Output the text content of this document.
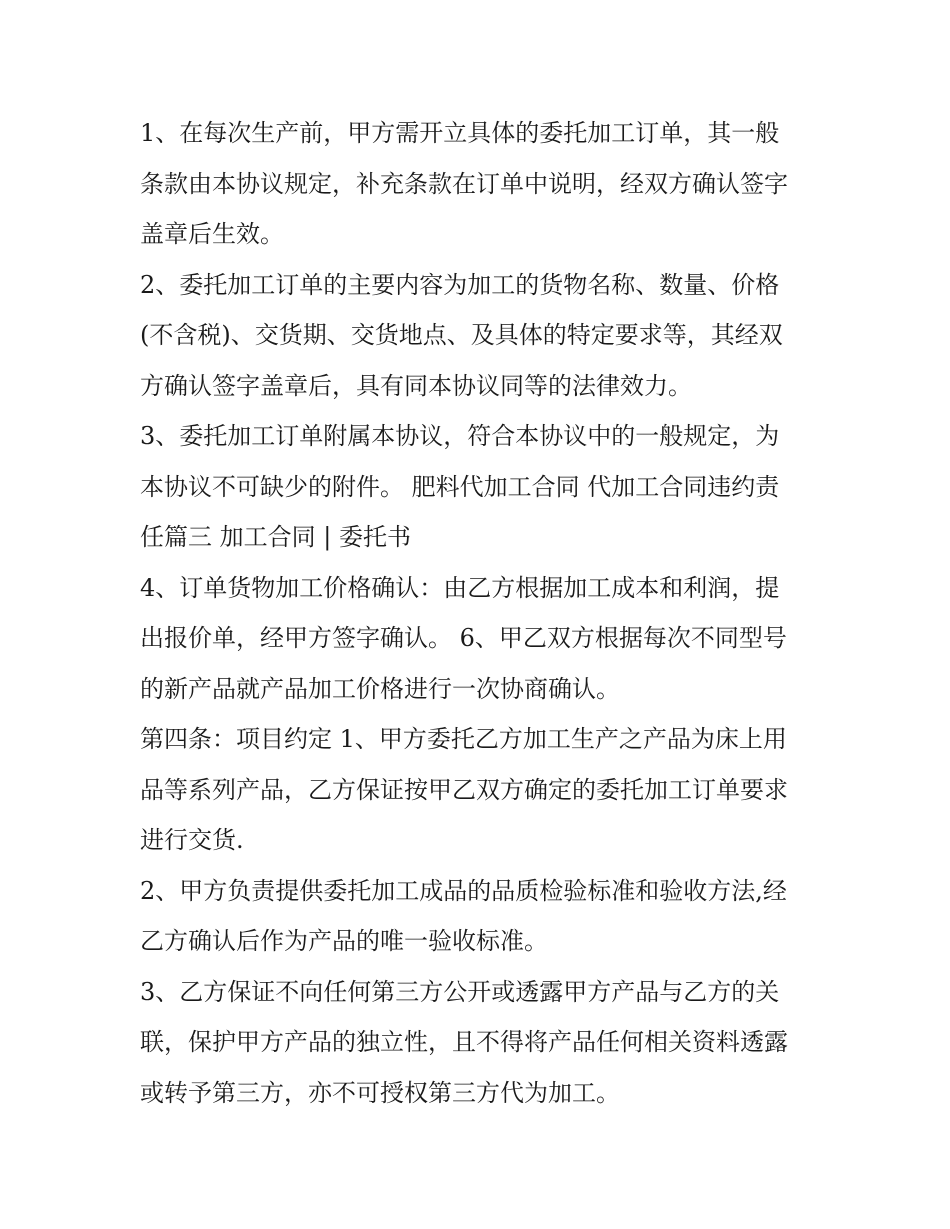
1、在每次生产前，甲方需开立具体的委托加工订单，其一般
条款由本协议规定，补充条款在订单中说明，经双方确认签字
盖章后生效。

2、委托加工订单的主要内容为加工的货物名称、数量、价格
(不含税)、交货期、交货地点、及具体的特定要求等，其经双
方确认签字盖章后，具有同本协议同等的法律效力。

3、委托加工订单附属本协议，符合本协议中的一般规定，为
本协议不可缺少的附件。 肥料代加工合同 代加工合同违约责
任篇三 加工合同 | 委托书

4、订单货物加工价格确认：由乙方根据加工成本和利润，提
出报价单，经甲方签字确认。 6、甲乙双方根据每次不同型号
的新产品就产品加工价格进行一次协商确认。

第四条：项目约定 1、甲方委托乙方加工生产之产品为床上用
品等系列产品，乙方保证按甲乙双方确定的委托加工订单要求
进行交货.

2、甲方负责提供委托加工成品的品质检验标准和验收方法,经
乙方确认后作为产品的唯一验收标准。

3、乙方保证不向任何第三方公开或透露甲方产品与乙方的关
联，保护甲方产品的独立性，且不得将产品任何相关资料透露
或转予第三方，亦不可授权第三方代为加工。
